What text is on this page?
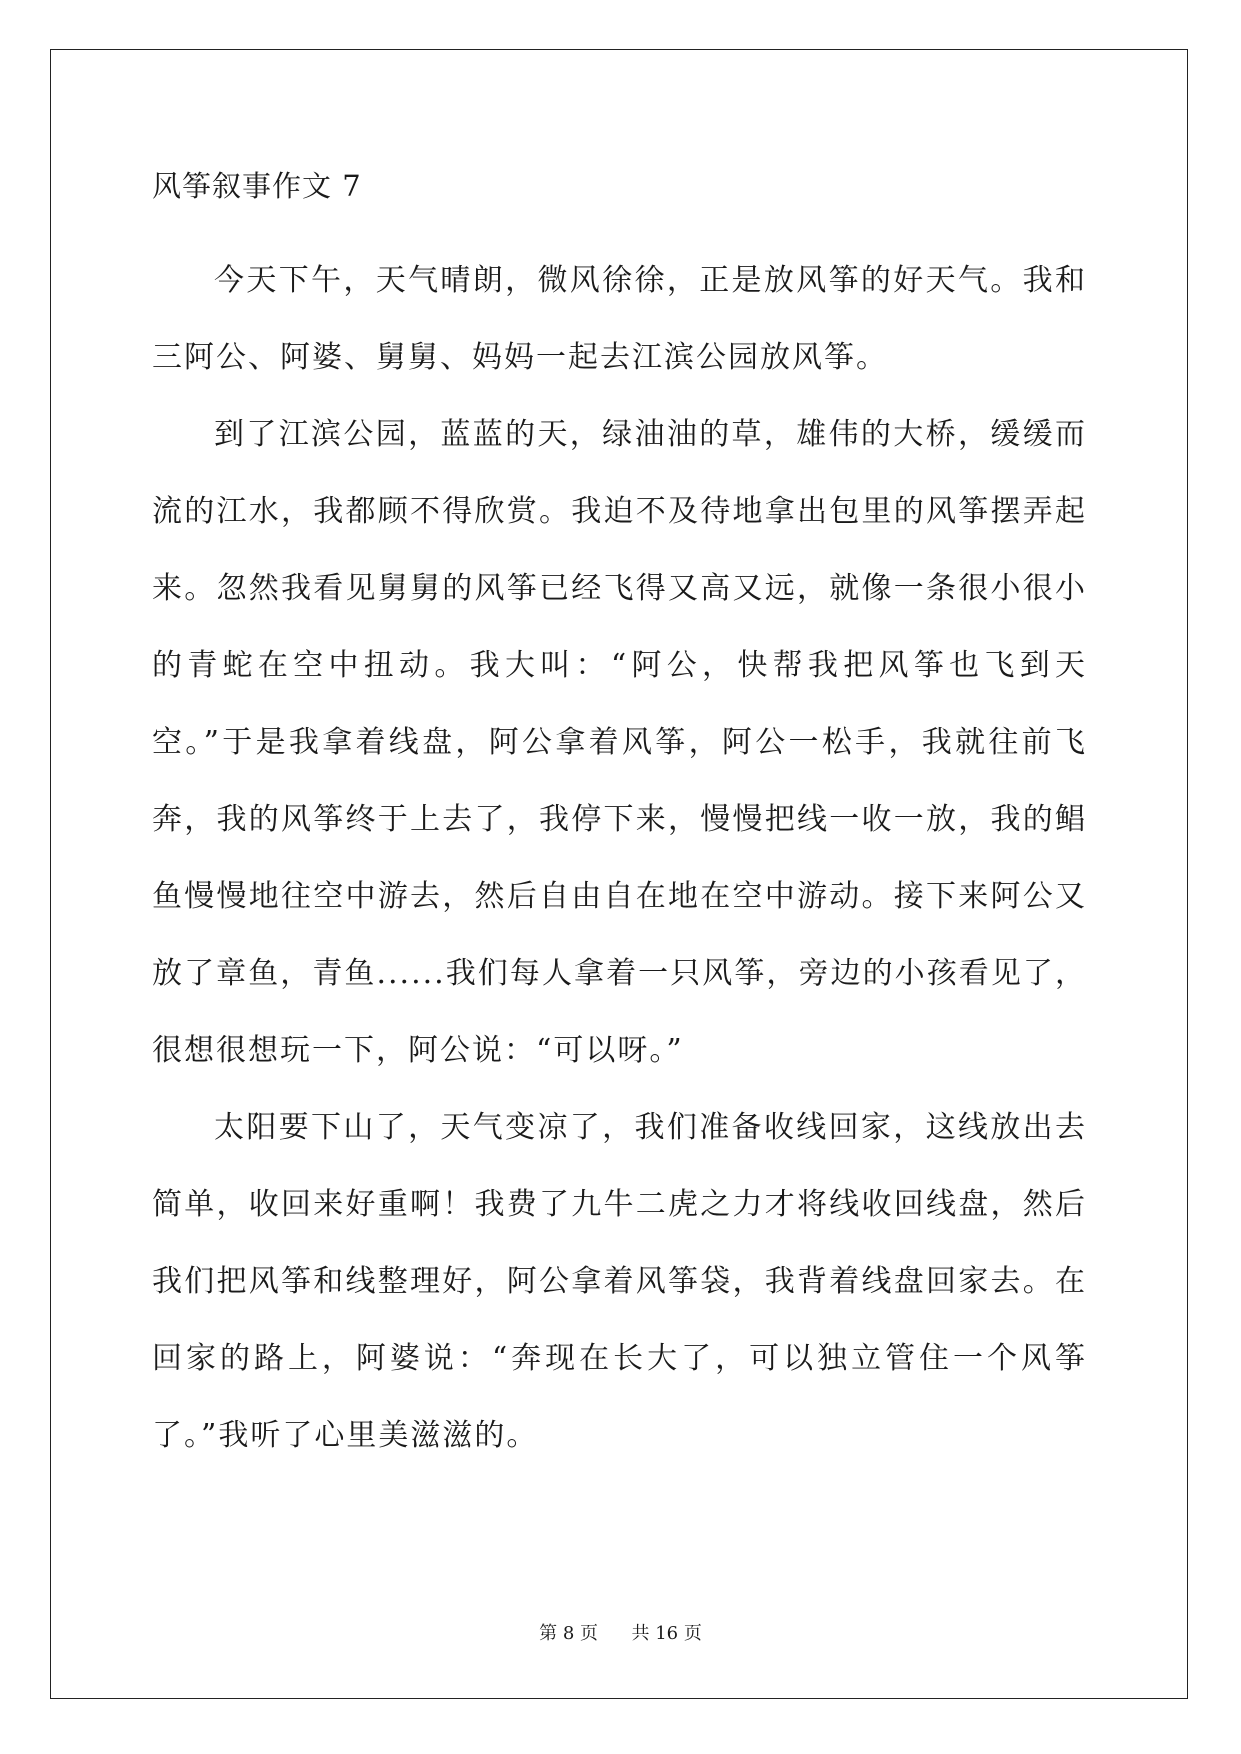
风筝叙事作文 7

今天下午，天气晴朗，微风徐徐，正是放风筝的好天气。我和三阿公、阿婆、舅舅、妈妈一起去江滨公园放风筝。

到了江滨公园，蓝蓝的天，绿油油的草，雄伟的大桥，缓缓而流的江水，我都顾不得欣赏。我迫不及待地拿出包里的风筝摆弄起来。忽然我看见舅舅的风筝已经飞得又高又远，就像一条很小很小的青蛇在空中扭动。我大叫：“阿公，快帮我把风筝也飞到天空。”于是我拿着线盘，阿公拿着风筝，阿公一松手，我就往前飞奔，我的风筝终于上去了，我停下来，慢慢把线一收一放，我的鲳鱼慢慢地往空中游去，然后自由自在地在空中游动。接下来阿公又放了章鱼，青鱼......我们每人拿着一只风筝，旁边的小孩看见了，很想很想玩一下，阿公说：“可以呀。”

太阳要下山了，天气变凉了，我们准备收线回家，这线放出去简单，收回来好重啊！我费了九牛二虎之力才将线收回线盘，然后我们把风筝和线整理好，阿公拿着风筝袋，我背着线盘回家去。在回家的路上，阿婆说：“奔现在长大了，可以独立管住一个风筝了。”我听了心里美滋滋的。

第 8 页 共 16 页
